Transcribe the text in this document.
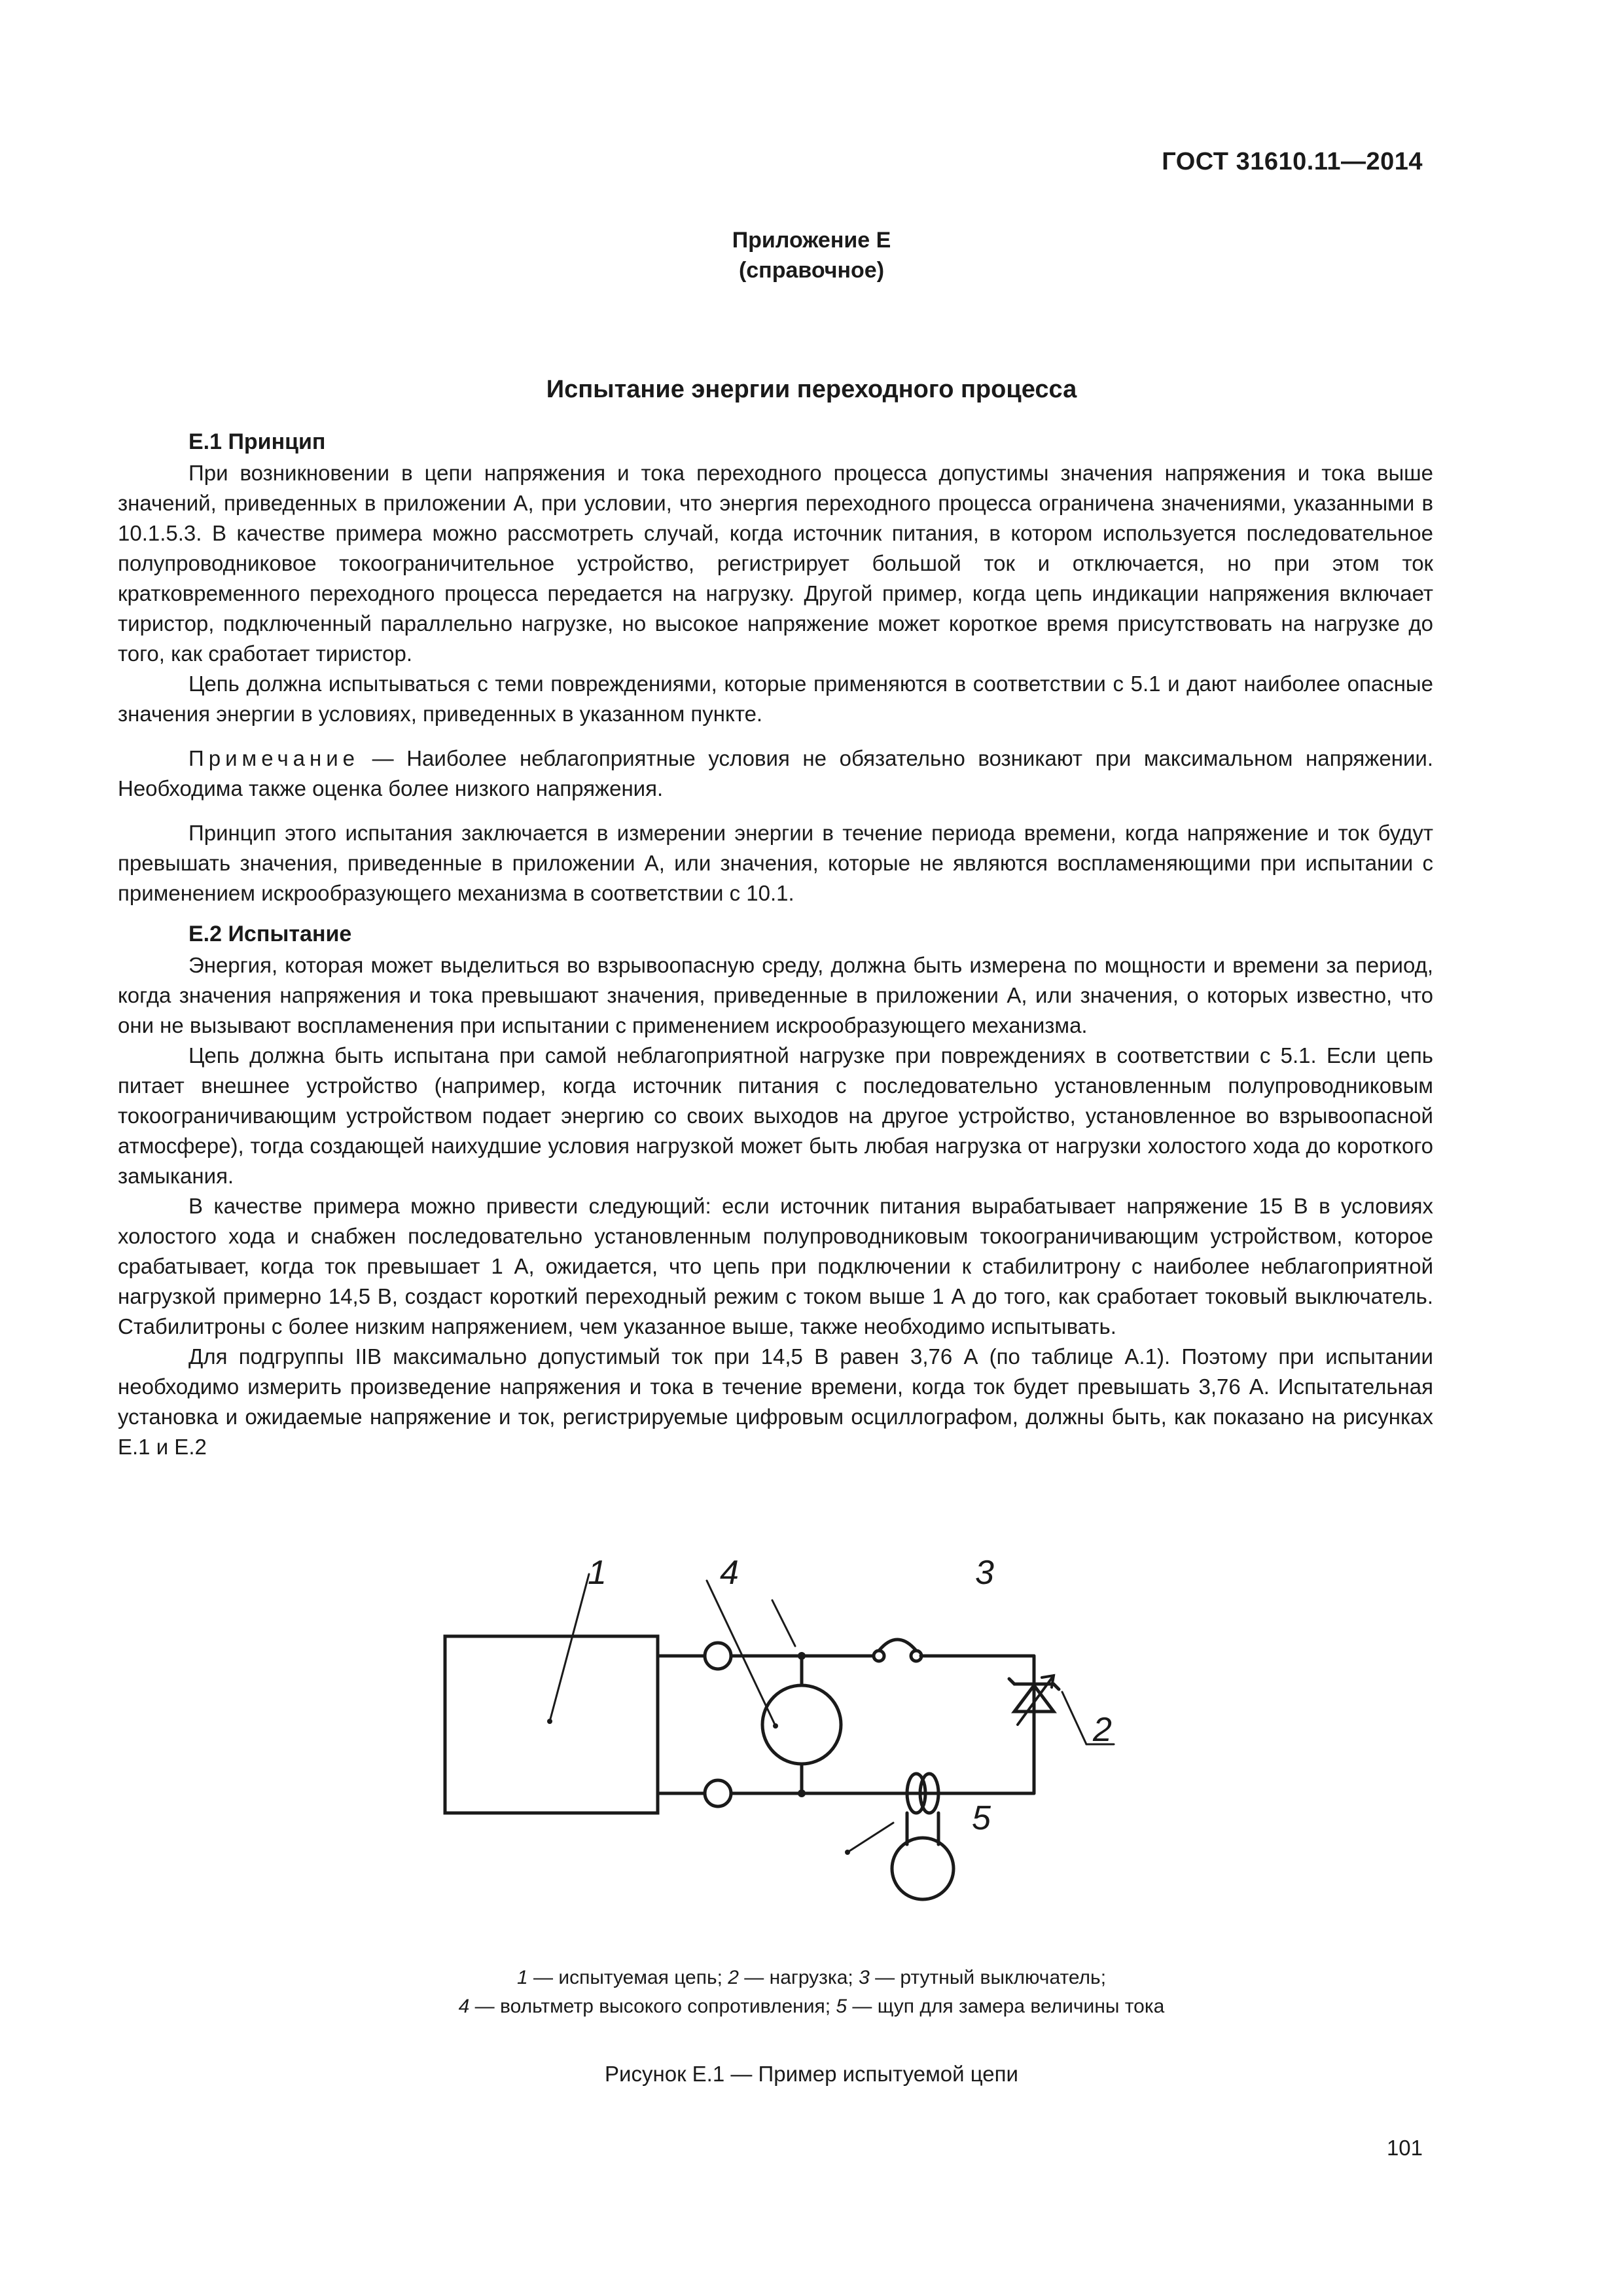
ГОСТ 31610.11—2014
Приложение Е
(справочное)
Испытание энергии переходного процесса
Е.1 Принцип

При возникновении в цепи напряжения и тока переходного процесса допустимы значения напряжения и тока выше значений, приведенных в приложении А, при условии, что энергия переходного процесса ограничена значениями, указанными в 10.1.5.3. В качестве примера можно рассмотреть случай, когда источник питания, в котором используется последовательное полупроводниковое токоограничительное устройство, регистрирует большой ток и отключается, но при этом ток кратковременного переходного процесса передается на нагрузку. Другой пример, когда цепь индикации напряжения включает тиристор, подключенный параллельно нагрузке, но высокое напряжение может короткое время присутствовать на нагрузке до того, как сработает тиристор.

Цепь должна испытываться с теми повреждениями, которые применяются в соответствии с 5.1 и дают наиболее опасные значения энергии в условиях, приведенных в указанном пункте.

Примечание — Наиболее неблагоприятные условия не обязательно возникают при максимальном напряжении. Необходима также оценка более низкого напряжения.

Принцип этого испытания заключается в измерении энергии в течение периода времени, когда напряжение и ток будут превышать значения, приведенные в приложении А, или значения, которые не являются воспламеняющими при испытании с применением искрообразующего механизма в соответствии с 10.1.

Е.2 Испытание

Энергия, которая может выделиться во взрывоопасную среду, должна быть измерена по мощности и времени за период, когда значения напряжения и тока превышают значения, приведенные в приложении А, или значения, о которых известно, что они не вызывают воспламенения при испытании с применением искрообразующего механизма.

Цепь должна быть испытана при самой неблагоприятной нагрузке при повреждениях в соответствии с 5.1. Если цепь питает внешнее устройство (например, когда источник питания с последовательно установленным полупроводниковым токоограничивающим устройством подает энергию со своих выходов на другое устройство, установленное во взрывоопасной атмосфере), тогда создающей наихудшие условия нагрузкой может быть любая нагрузка от нагрузки холостого хода до короткого замыкания.

В качестве примера можно привести следующий: если источник питания вырабатывает напряжение 15 В в условиях холостого хода и снабжен последовательно установленным полупроводниковым токоограничивающим устройством, которое срабатывает, когда ток превышает 1 А, ожидается, что цепь при подключении к стабилитрону с наиболее неблагоприятной нагрузкой примерно 14,5 В, создаст короткий переходный режим с током выше 1 А до того, как сработает токовый выключатель. Стабилитроны с более низким напряжением, чем указанное выше, также необходимо испытывать.

Для подгруппы IIB максимально допустимый ток при 14,5 В равен 3,76 А (по таблице А.1). Поэтому при испытании необходимо измерить произведение напряжения и тока в течение времени, когда ток будет превышать 3,76 А. Испытательная установка и ожидаемые напряжение и ток, регистрируемые цифровым осциллографом, должны быть, как показано на рисунках Е.1 и Е.2

1	4	3
2
5
1 — испытуемая цепь; 2 — нагрузка; 3 — ртутный выключатель;
4 — вольтметр высокого сопротивления; 5 — щуп для замера величины тока
Рисунок Е.1 — Пример испытуемой цепи
101
